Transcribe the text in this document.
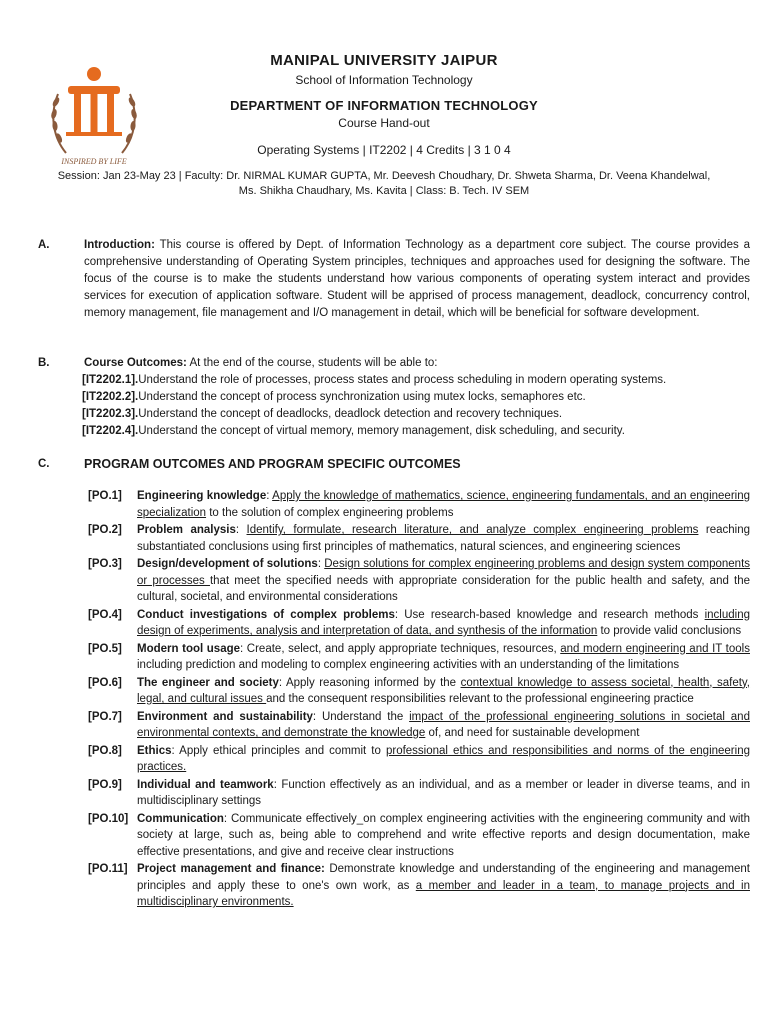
INSPIRED BY LIFE
MANIPAL UNIVERSITY JAIPUR
School of Information Technology
DEPARTMENT OF INFORMATION TECHNOLOGY
Course Hand-out
Operating Systems | IT2202 | 4 Credits | 3 1 0 4
Session: Jan 23-May 23 | Faculty: Dr. NIRMAL KUMAR GUPTA, Mr. Deevesh Choudhary, Dr. Shweta Sharma, Dr. Veena Khandelwal,
Ms. Shikha Chaudhary, Ms. Kavita | Class: B. Tech. IV SEM
A.	Introduction: This course is offered by Dept. of Information Technology as a department core subject. The course provides a comprehensive understanding of Operating System principles, techniques and approaches used for designing the software. The focus of the course is to make the students understand how various components of operating system interact and provides services for execution of application software. Student will be apprised of process management, deadlock, concurrency control, memory management, file management and I/O management in detail, which will be beneficial for software development.
B.	Course Outcomes: At the end of the course, students will be able to:
[IT2202.1].Understand the role of processes, process states and process scheduling in modern operating systems.
[IT2202.2].Understand the concept of process synchronization using mutex locks, semaphores etc.
[IT2202.3].Understand the concept of deadlocks, deadlock detection and recovery techniques.
[IT2202.4].Understand the concept of virtual memory, memory management, disk scheduling, and security.
C.	PROGRAM OUTCOMES AND PROGRAM SPECIFIC OUTCOMES
[PO.1] Engineering knowledge: Apply the knowledge of mathematics, science, engineering fundamentals, and an engineering specialization to the solution of complex engineering problems
[PO.2] Problem analysis: Identify, formulate, research literature, and analyze complex engineering problems reaching substantiated conclusions using first principles of mathematics, natural sciences, and engineering sciences
[PO.3] Design/development of solutions: Design solutions for complex engineering problems and design system components or processes that meet the specified needs with appropriate consideration for the public health and safety, and the cultural, societal, and environmental considerations
[PO.4] Conduct investigations of complex problems: Use research-based knowledge and research methods including design of experiments, analysis and interpretation of data, and synthesis of the information to provide valid conclusions
[PO.5] Modern tool usage: Create, select, and apply appropriate techniques, resources, and modern engineering and IT tools including prediction and modeling to complex engineering activities with an understanding of the limitations
[PO.6] The engineer and society: Apply reasoning informed by the contextual knowledge to assess societal, health, safety, legal, and cultural issues and the consequent responsibilities relevant to the professional engineering practice
[PO.7] Environment and sustainability: Understand the impact of the professional engineering solutions in societal and environmental contexts, and demonstrate the knowledge of, and need for sustainable development
[PO.8] Ethics: Apply ethical principles and commit to professional ethics and responsibilities and norms of the engineering practices.
[PO.9] Individual and teamwork: Function effectively as an individual, and as a member or leader in diverse teams, and in multidisciplinary settings
[PO.10] Communication: Communicate effectively_on complex engineering activities with the engineering community and with society at large, such as, being able to comprehend and write effective reports and design documentation, make effective presentations, and give and receive clear instructions
[PO.11] Project management and finance: Demonstrate knowledge and understanding of the engineering and management principles and apply these to one's own work, as a member and leader in a team, to manage projects and in multidisciplinary environments.
